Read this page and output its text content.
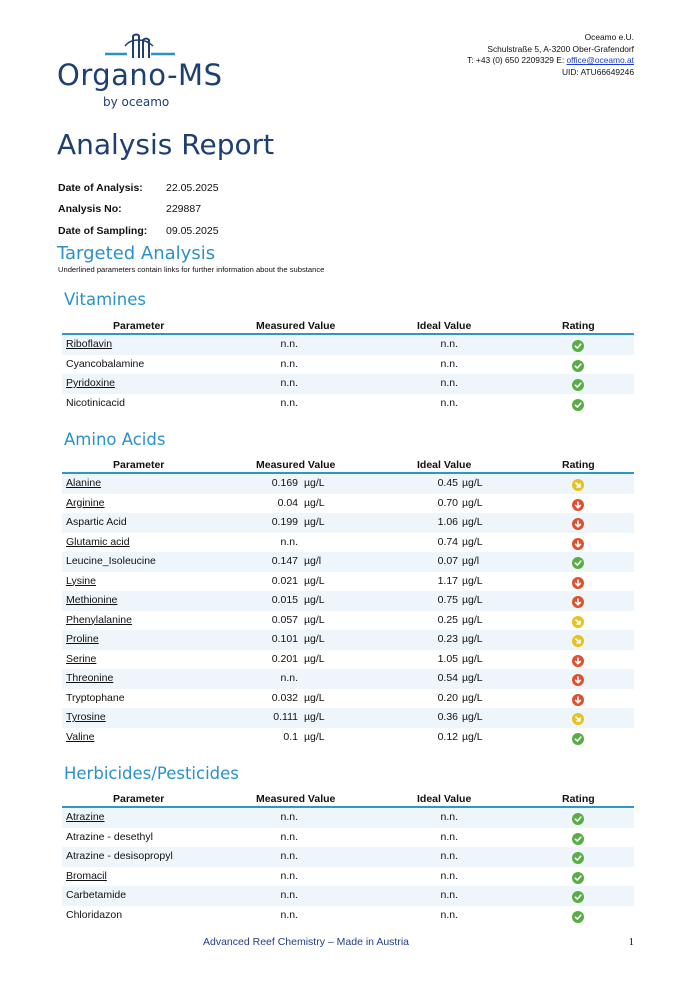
Oceamo e.U.
Schulstraße 5, A-3200 Ober-Grafendorf
T: +43 (0) 650 2209329 E: office@oceamo.at
UID: ATU66649246
Organo-MS
by oceamo
Analysis Report
Date of Analysis:	22.05.2025
Analysis No:	229887
Date of Sampling:	09.05.2025
Targeted Analysis
Underlined parameters contain links for further information about the substance
Vitamines
Amino Acids
Herbicides/Pesticides
Parameter	Measured Value	Ideal Value	Rating
Riboflavin	n.n.	n.n.
Cyancobalamine	n.n.	n.n.
Pyridoxine	n.n.	n.n.
Nicotinicacid	n.n.	n.n.
Parameter	Measured Value	Ideal Value	Rating
Alanine	0.169 µg/L	0.45 µg/L
Arginine	0.04 µg/L	0.70 µg/L
Aspartic Acid	0.199 µg/L	1.06 µg/L
Glutamic acid	n.n.	0.74 µg/L
Leucine_Isoleucine	0.147 µg/l	0.07 µg/l
Lysine	0.021 µg/L	1.17 µg/L
Methionine	0.015 µg/L	0.75 µg/L
Phenylalanine	0.057 µg/L	0.25 µg/L
Proline	0.101 µg/L	0.23 µg/L
Serine	0.201 µg/L	1.05 µg/L
Threonine	n.n.	0.54 µg/L
Tryptophane	0.032 µg/L	0.20 µg/L
Tyrosine	0.111 µg/L	0.36 µg/L
Valine	0.1 µg/L	0.12 µg/L
Parameter	Measured Value	Ideal Value	Rating
Atrazine	n.n.	n.n.
Atrazine - desethyl	n.n.	n.n.
Atrazine - desisopropyl	n.n.	n.n.
Bromacil	n.n.	n.n.
Carbetamide	n.n.	n.n.
Chloridazon	n.n.	n.n.
Advanced Reef Chemistry – Made in Austria	1
